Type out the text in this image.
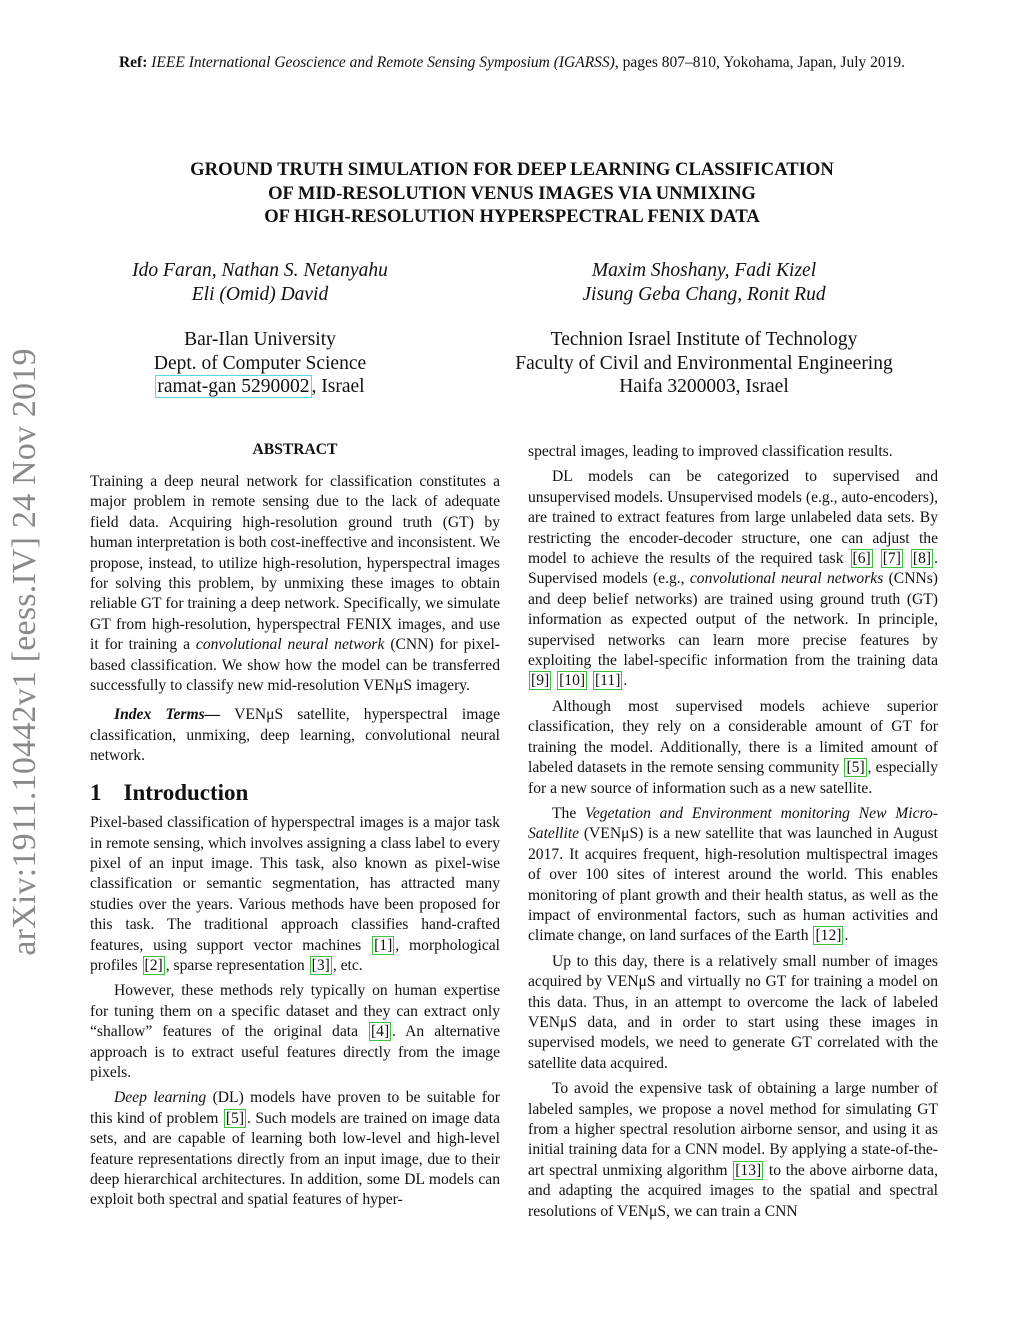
Ref: IEEE International Geoscience and Remote Sensing Symposium (IGARSS), pages 807–810, Yokohama, Japan, July 2019.
arXiv:1911.10442v1 [eess.IV] 24 Nov 2019
GROUND TRUTH SIMULATION FOR DEEP LEARNING CLASSIFICATION
OF MID-RESOLUTION VENUS IMAGES VIA UNMIXING
OF HIGH-RESOLUTION HYPERSPECTRAL FENIX DATA
Ido Faran, Nathan S. Netanyahu
Eli (Omid) David
Maxim Shoshany, Fadi Kizel
Jisung Geba Chang, Ronit Rud
Bar-Ilan University
Dept. of Computer Science
ramat-gan 5290002 , Israel
Technion Israel Institute of Technology
Faculty of Civil and Environmental Engineering
Haifa 3200003, Israel
ABSTRACT

Training a deep neural network for classification constitutes a major problem in remote sensing due to the lack of adequate field data. Acquiring high-resolution ground truth (GT) by human interpretation is both cost-ineffective and inconsistent. We propose, instead, to utilize high-resolution, hyperspectral images for solving this problem, by unmixing these images to obtain reliable GT for training a deep network. Specifically, we simulate GT from high-resolution, hyperspectral FENIX images, and use it for training a convolutional neural network (CNN) for pixel-based classification. We show how the model can be transferred successfully to classify new mid-resolution VENμS imagery.

Index Terms— VENμS satellite, hyperspectral image classification, unmixing, deep learning, convolutional neural network.

1 Introduction

Pixel-based classification of hyperspectral images is a major task in remote sensing, which involves assigning a class label to every pixel of an input image. This task, also known as pixel-wise classification or semantic segmentation, has attracted many studies over the years. Various methods have been proposed for this task. The traditional approach classifies hand-crafted features, using support vector machines [1] , morphological profiles [2] , sparse representation [3] , etc.

However, these methods rely typically on human expertise for tuning them on a specific dataset and they can extract only “shallow” features of the original data [4] . An alternative approach is to extract useful features directly from the image pixels.

Deep learning (DL) models have proven to be suitable for this kind of problem [5] . Such models are trained on image data sets, and are capable of learning both low-level and high-level feature representations directly from an input image, due to their deep hierarchical architectures. In addition, some DL models can exploit both spectral and spatial features of hyper-

spectral images, leading to improved classification results.

DL models can be categorized to supervised and unsupervised models. Unsupervised models (e.g., auto-encoders), are trained to extract features from large unlabeled data sets. By restricting the encoder-decoder structure, one can adjust the model to achieve the results of the required task [6] [7] [8] . Supervised models (e.g., convolutional neural networks (CNNs) and deep belief networks) are trained using ground truth (GT) information as expected output of the network. In principle, supervised networks can learn more precise features by exploiting the label-specific information from the training data [9] [10] [11] .

Although most supervised models achieve superior classification, they rely on a considerable amount of GT for training the model. Additionally, there is a limited amount of labeled datasets in the remote sensing community [5] , especially for a new source of information such as a new satellite.

The Vegetation and Environment monitoring New Micro-Satellite (VENμS) is a new satellite that was launched in August 2017. It acquires frequent, high-resolution multispectral images of over 100 sites of interest around the world. This enables monitoring of plant growth and their health status, as well as the impact of environmental factors, such as human activities and climate change, on land surfaces of the Earth [12] .

Up to this day, there is a relatively small number of images acquired by VENμS and virtually no GT for training a model on this data. Thus, in an attempt to overcome the lack of labeled VENμS data, and in order to start using these images in supervised models, we need to generate GT correlated with the satellite data acquired.

To avoid the expensive task of obtaining a large number of labeled samples, we propose a novel method for simulating GT from a higher spectral resolution airborne sensor, and using it as initial training data for a CNN model. By applying a state-of-the-art spectral unmixing algorithm [13] to the above airborne data, and adapting the acquired images to the spatial and spectral resolutions of VENμS, we can train a CNN
